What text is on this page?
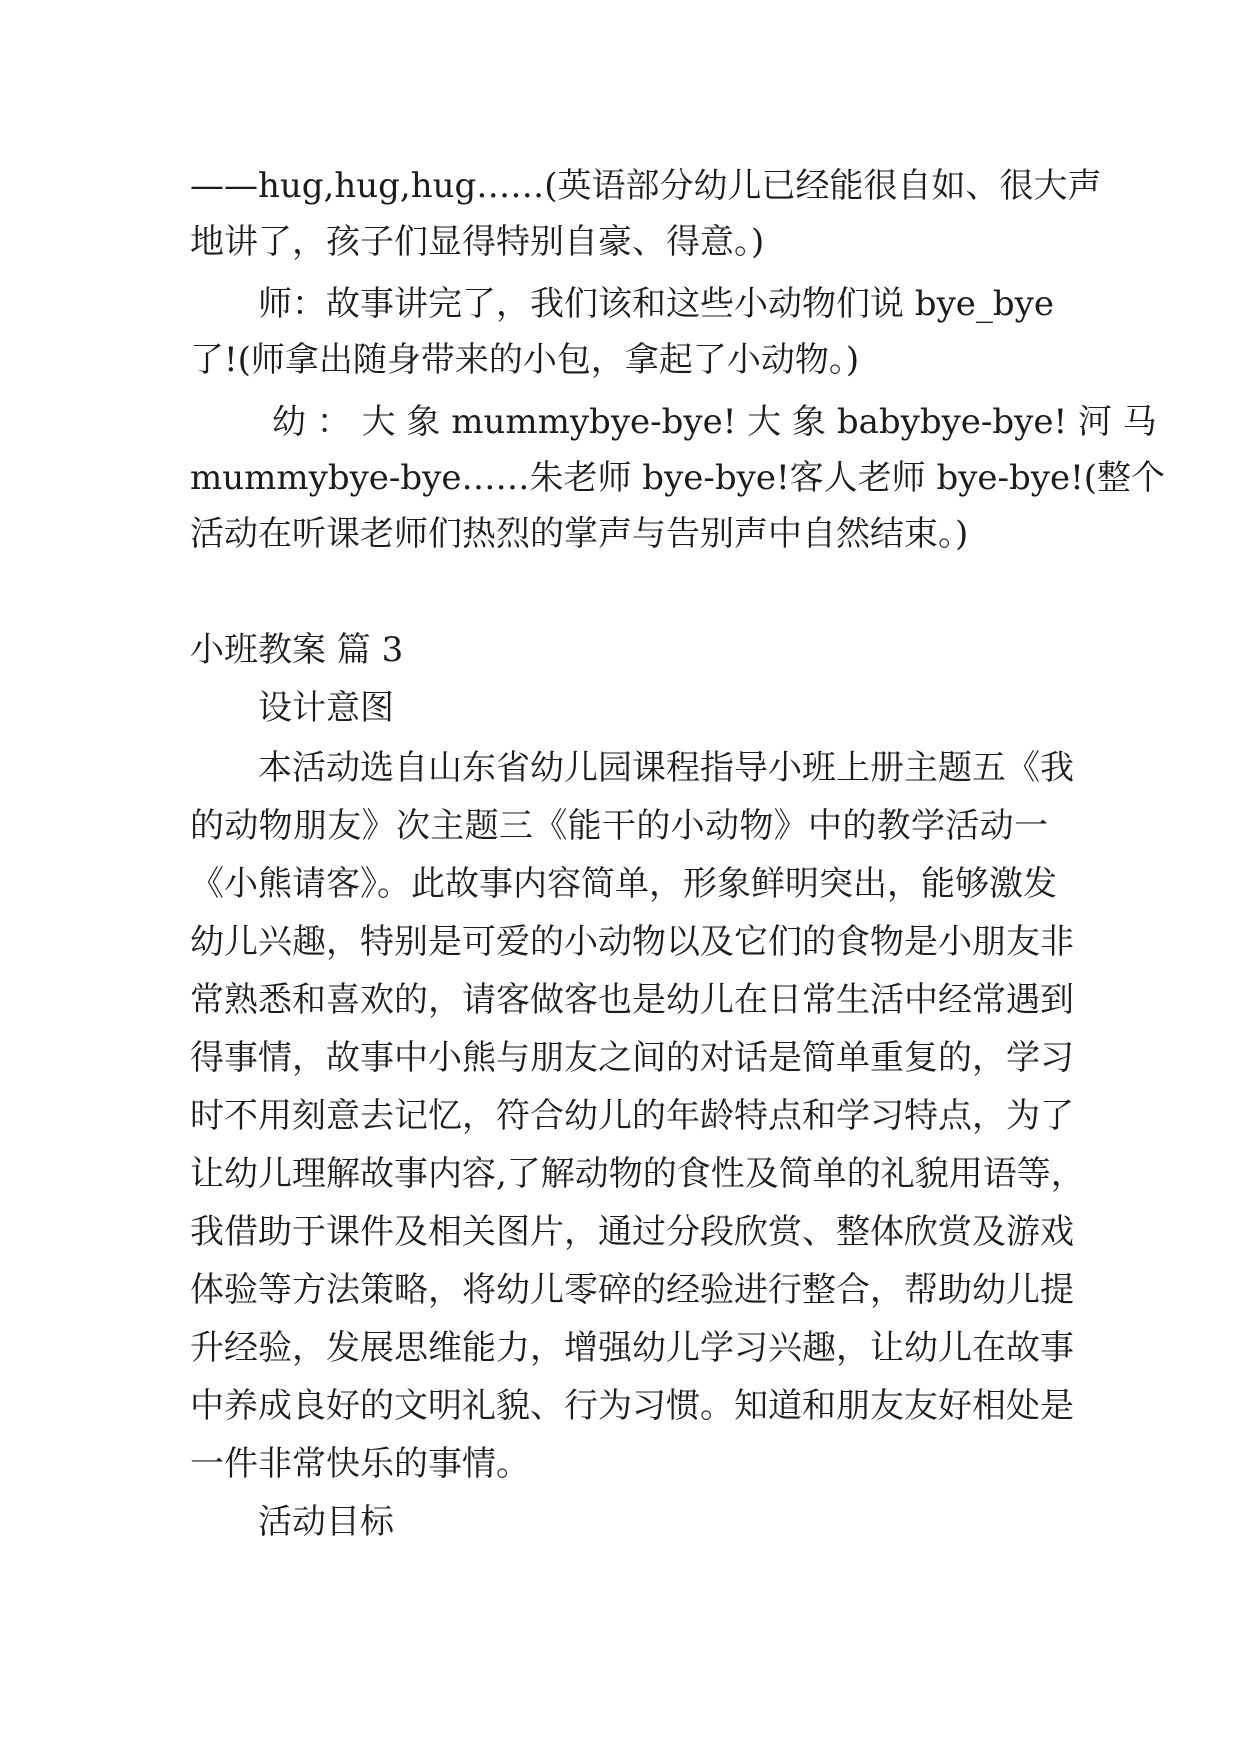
——hug,hug,hug……(英语部分幼儿已经能很自如、很大声
地讲了，孩子们显得特别自豪、得意。)
师：故事讲完了，我们该和这些小动物们说 bye_bye
了!(师拿出随身带来的小包，拿起了小动物。)
幼 ： 大 象 mummybye-bye! 大 象 babybye-bye! 河 马
mummybye-bye……朱老师 bye-bye!客人老师 bye-bye!(整个
活动在听课老师们热烈的掌声与告别声中自然结束。)
小班教案 篇 3
设计意图
本活动选自山东省幼儿园课程指导小班上册主题五《我
的动物朋友》次主题三《能干的小动物》中的教学活动一
《小熊请客》。此故事内容简单，形象鲜明突出，能够激发
幼儿兴趣，特别是可爱的小动物以及它们的食物是小朋友非
常熟悉和喜欢的，请客做客也是幼儿在日常生活中经常遇到
得事情，故事中小熊与朋友之间的对话是简单重复的，学习
时不用刻意去记忆，符合幼儿的年龄特点和学习特点，为了
让幼儿理解故事内容,了解动物的食性及简单的礼貌用语等，
我借助于课件及相关图片，通过分段欣赏、整体欣赏及游戏
体验等方法策略，将幼儿零碎的经验进行整合，帮助幼儿提
升经验，发展思维能力，增强幼儿学习兴趣，让幼儿在故事
中养成良好的文明礼貌、行为习惯。知道和朋友友好相处是
一件非常快乐的事情。
活动目标
